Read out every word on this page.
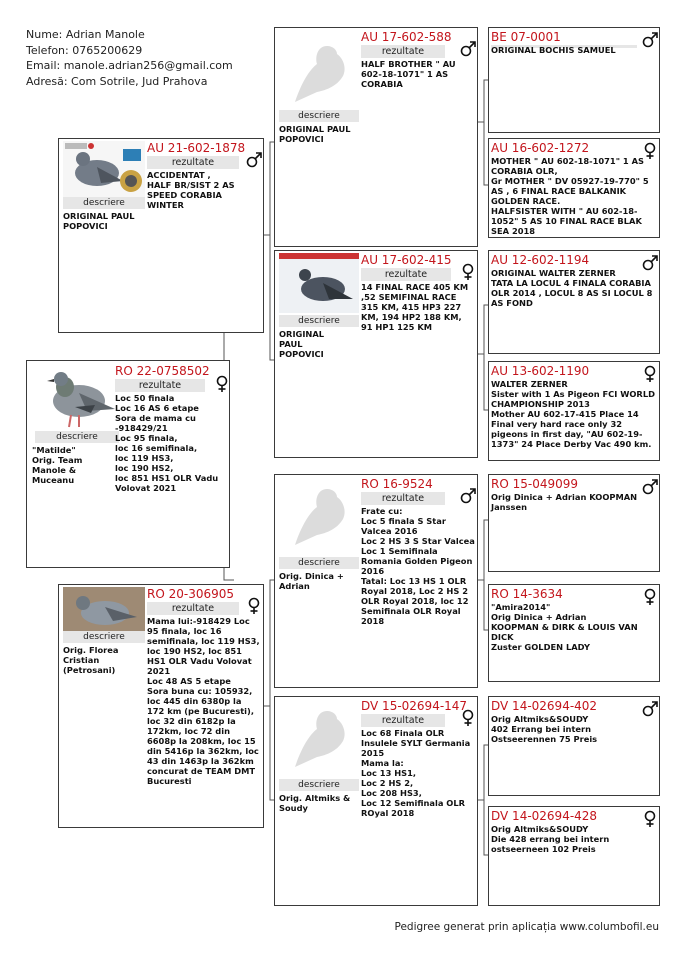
Nume: Adrian Manole
Telefon: 0765200629
Email: manole.adrian256@gmail.com
Adresă: Com Sotrile, Jud Prahova
descriere
"Matilde"
Orig. Team Manole & Muceanu
RO 22-0758502
rezultate
Loc 50 finala
Loc 16 AS 6 etape
Sora de mama cu -918429/21
Loc 95 finala,
loc 16 semifinala,
loc 119 HS3,
loc 190 HS2,
loc 851 HS1 OLR Vadu Volovat 2021
descriere
ORIGINAL PAUL POPOVICI
AU 21-602-1878
rezultate
ACCIDENTAT ,
HALF BR/SIST 2 AS SPEED CORABIA WINTER
descriere
Orig. Florea Cristian (Petrosani)
RO 20-306905
rezultate
Mama lui:-918429 Loc 95 finala, loc 16 semifinala, loc 119 HS3, loc 190 HS2, loc 851 HS1 OLR Vadu Volovat 2021
Loc 48 AS 5 etape
Sora buna cu: 105932, loc 445 din 6380p la 172 km (pe Bucuresti), loc 32 din 6182p la 172km, loc 72 din 6608p la 208km, loc 15 din 5416p la 362km, loc 43 din 1463p la 362km concurat de TEAM DMT Bucuresti
descriere
ORIGINAL PAUL POPOVICI
AU 17-602-588
rezultate
HALF BROTHER " AU 602-18-1071" 1 AS CORABIA
descriere
ORIGINAL PAUL POPOVICI
AU 17-602-415
rezultate
14 FINAL RACE 405 KM ,52 SEMIFINAL RACE 315 KM, 415 HP3 227 KM, 194 HP2 188 KM, 91 HP1 125 KM
descriere
Orig. Dinica + Adrian
RO 16-9524
rezultate
Frate cu:
Loc 5 finala S Star Valcea 2016
Loc 2 HS 3 S Star Valcea
Loc 1 Semifinala Romania Golden Pigeon 2016
Tatal: Loc 13 HS 1 OLR Royal 2018, Loc 2 HS 2 OLR Royal 2018, loc 12 Semifinala OLR Royal 2018
descriere
Orig. Altmiks & Soudy
DV 15-02694-147
rezultate
Loc 68 Finala OLR Insulele SYLT Germania 2015
Mama la:
Loc 13 HS1,
Loc 2 HS 2,
Loc 208 HS3,
Loc 12 Semifinala OLR ROyal 2018
BE 07-0001
ORIGINAL BOCHIS SAMUEL
AU 16-602-1272
MOTHER " AU 602-18-1071" 1 AS CORABIA OLR,
Gr MOTHER " DV 05927-19-770" 5 AS , 6 FINAL RACE BALKANIK GOLDEN RACE.
HALFSISTER WITH " AU 602-18-1052" 5 AS 10 FINAL RACE BLAK SEA 2018
AU 12-602-1194
ORIGINAL WALTER ZERNER
TATA LA LOCUL 4 FINALA CORABIA OLR 2014 , LOCUL 8 AS SI LOCUL 8 AS FOND
AU 13-602-1190
WALTER ZERNER
Sister with 1 As Pigeon FCI WORLD CHAMPIONSHIP 2013
Mother AU 602-17-415 Place 14 Final very hard race only 32 pigeons in first day, "AU 602-19-1373" 24 Place Derby Vac 490 km.
RO 15-049099
Orig Dinica + Adrian KOOPMAN
Janssen
RO 14-3634
"Amira2014"
Orig Dinica + Adrian
KOOPMAN & DIRK & LOUIS VAN DICK
Zuster GOLDEN LADY
DV 14-02694-402
Orig Altmiks&SOUDY
402 Errang bei intern Ostseerennen 75 Preis
DV 14-02694-428
Orig Altmiks&SOUDY
Die 428 errang bei intern ostseerneen 102 Preis
Pedigree generat prin aplicația www.columbofil.eu
